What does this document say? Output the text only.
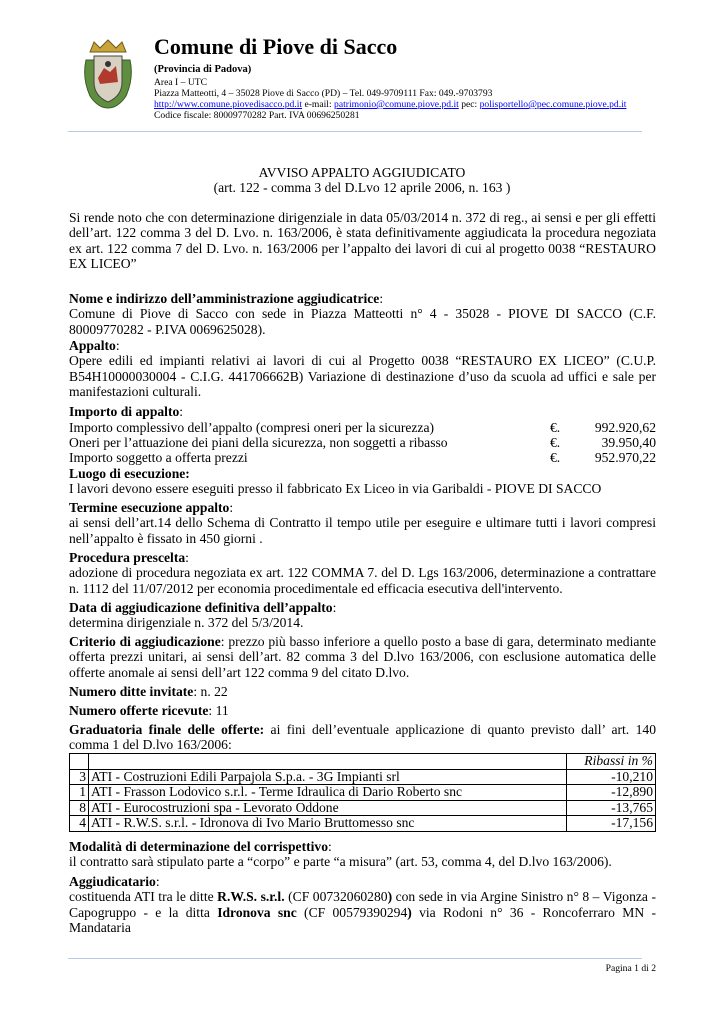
Comune di Piove di Sacco
(Provincia di Padova)
Area I – UTC
Piazza Matteotti, 4 – 35028 Piove di Sacco (PD) – Tel. 049-9709111 Fax: 049.-9703793
http://www.comune.piovedisacco.pd.it e-mail: patrimonio@comune.piove.pd.it pec: polisportello@pec.comune.piove.pd.it
Codice fiscale: 80009770282 Part. IVA 00696250281
AVVISO APPALTO AGGIUDICATO
(art. 122 - comma 3 del D.Lvo 12 aprile 2006, n. 163 )
Si rende noto che con determinazione dirigenziale in data 05/03/2014 n. 372 di reg., ai sensi e per gli effetti dell’art. 122 comma 3 del D. Lvo. n. 163/2006, è stata definitivamente aggiudicata la procedura negoziata ex art. 122 comma 7 del D. Lvo. n. 163/2006 per l’appalto dei lavori di cui al progetto 0038 “RESTAURO EX LICEO”
Nome e indirizzo dell’amministrazione aggiudicatrice:
Comune di Piove di Sacco con sede in Piazza Matteotti n° 4 - 35028 - PIOVE DI SACCO (C.F. 80009770282 - P.IVA 0069625028).
Appalto:
Opere edili ed impianti relativi ai lavori di cui al Progetto 0038 “RESTAURO EX LICEO” (C.U.P. B54H10000030004 - C.I.G. 441706662B) Variazione di destinazione d’uso da scuola ad uffici e sale per manifestazioni culturali.
Importo di appalto:
Importo complessivo dell’appalto (compresi oneri per la sicurezza)	€.	992.920,62
Oneri per l’attuazione dei piani della sicurezza, non soggetti a ribasso	€.	39.950,40
Importo soggetto a offerta prezzi	€.	952.970,22
Luogo di esecuzione:
I lavori devono essere eseguiti presso il fabbricato Ex Liceo in via Garibaldi - PIOVE DI SACCO
Termine esecuzione appalto:
ai sensi dell’art.14 dello Schema di Contratto il tempo utile per eseguire e ultimare tutti i lavori compresi nell’appalto è fissato in 450 giorni .
Procedura prescelta:
adozione di procedura negoziata ex art. 122 COMMA 7. del D. Lgs 163/2006, determinazione a contrattare n. 1112 del 11/07/2012 per economia procedimentale ed efficacia esecutiva dell'intervento.
Data di aggiudicazione definitiva dell’appalto:
determina dirigenziale n. 372 del 5/3/2014.
Criterio di aggiudicazione: prezzo più basso inferiore a quello posto a base di gara, determinato mediante offerta prezzi unitari, ai sensi dell’art. 82 comma 3 del D.lvo 163/2006, con esclusione automatica delle offerte anomale ai sensi dell’art 122 comma 9 del citato D.lvo.
Numero ditte invitate: n. 22
Numero offerte ricevute: 11
Graduatoria finale delle offerte: ai fini dell’eventuale applicazione di quanto previsto dall’ art. 140 comma 1 del D.lvo 163/2006:
		Ribassi in %
3	ATI - Costruzioni Edili Parpajola S.p.a. - 3G Impianti srl	-10,210
1	ATI - Frasson Lodovico s.r.l. - Terme Idraulica di Dario Roberto snc	-12,890
8	ATI - Eurocostruzioni spa - Levorato Oddone	-13,765
4	ATI - R.W.S. s.r.l. - Idronova di Ivo Mario Bruttomesso snc	-17,156
Modalità di determinazione del corrispettivo:
il contratto sarà stipulato parte a “corpo” e parte “a misura” (art. 53, comma 4, del D.lvo 163/2006).
Aggiudicatario:
costituenda ATI tra le ditte R.W.S. s.r.l. (CF 00732060280) con sede in via Argine Sinistro n° 8 – Vigonza - Capogruppo - e la ditta Idronova snc (CF 00579390294) via Rodoni n° 36 - Roncoferraro MN - Mandataria
Pagina 1 di 2
